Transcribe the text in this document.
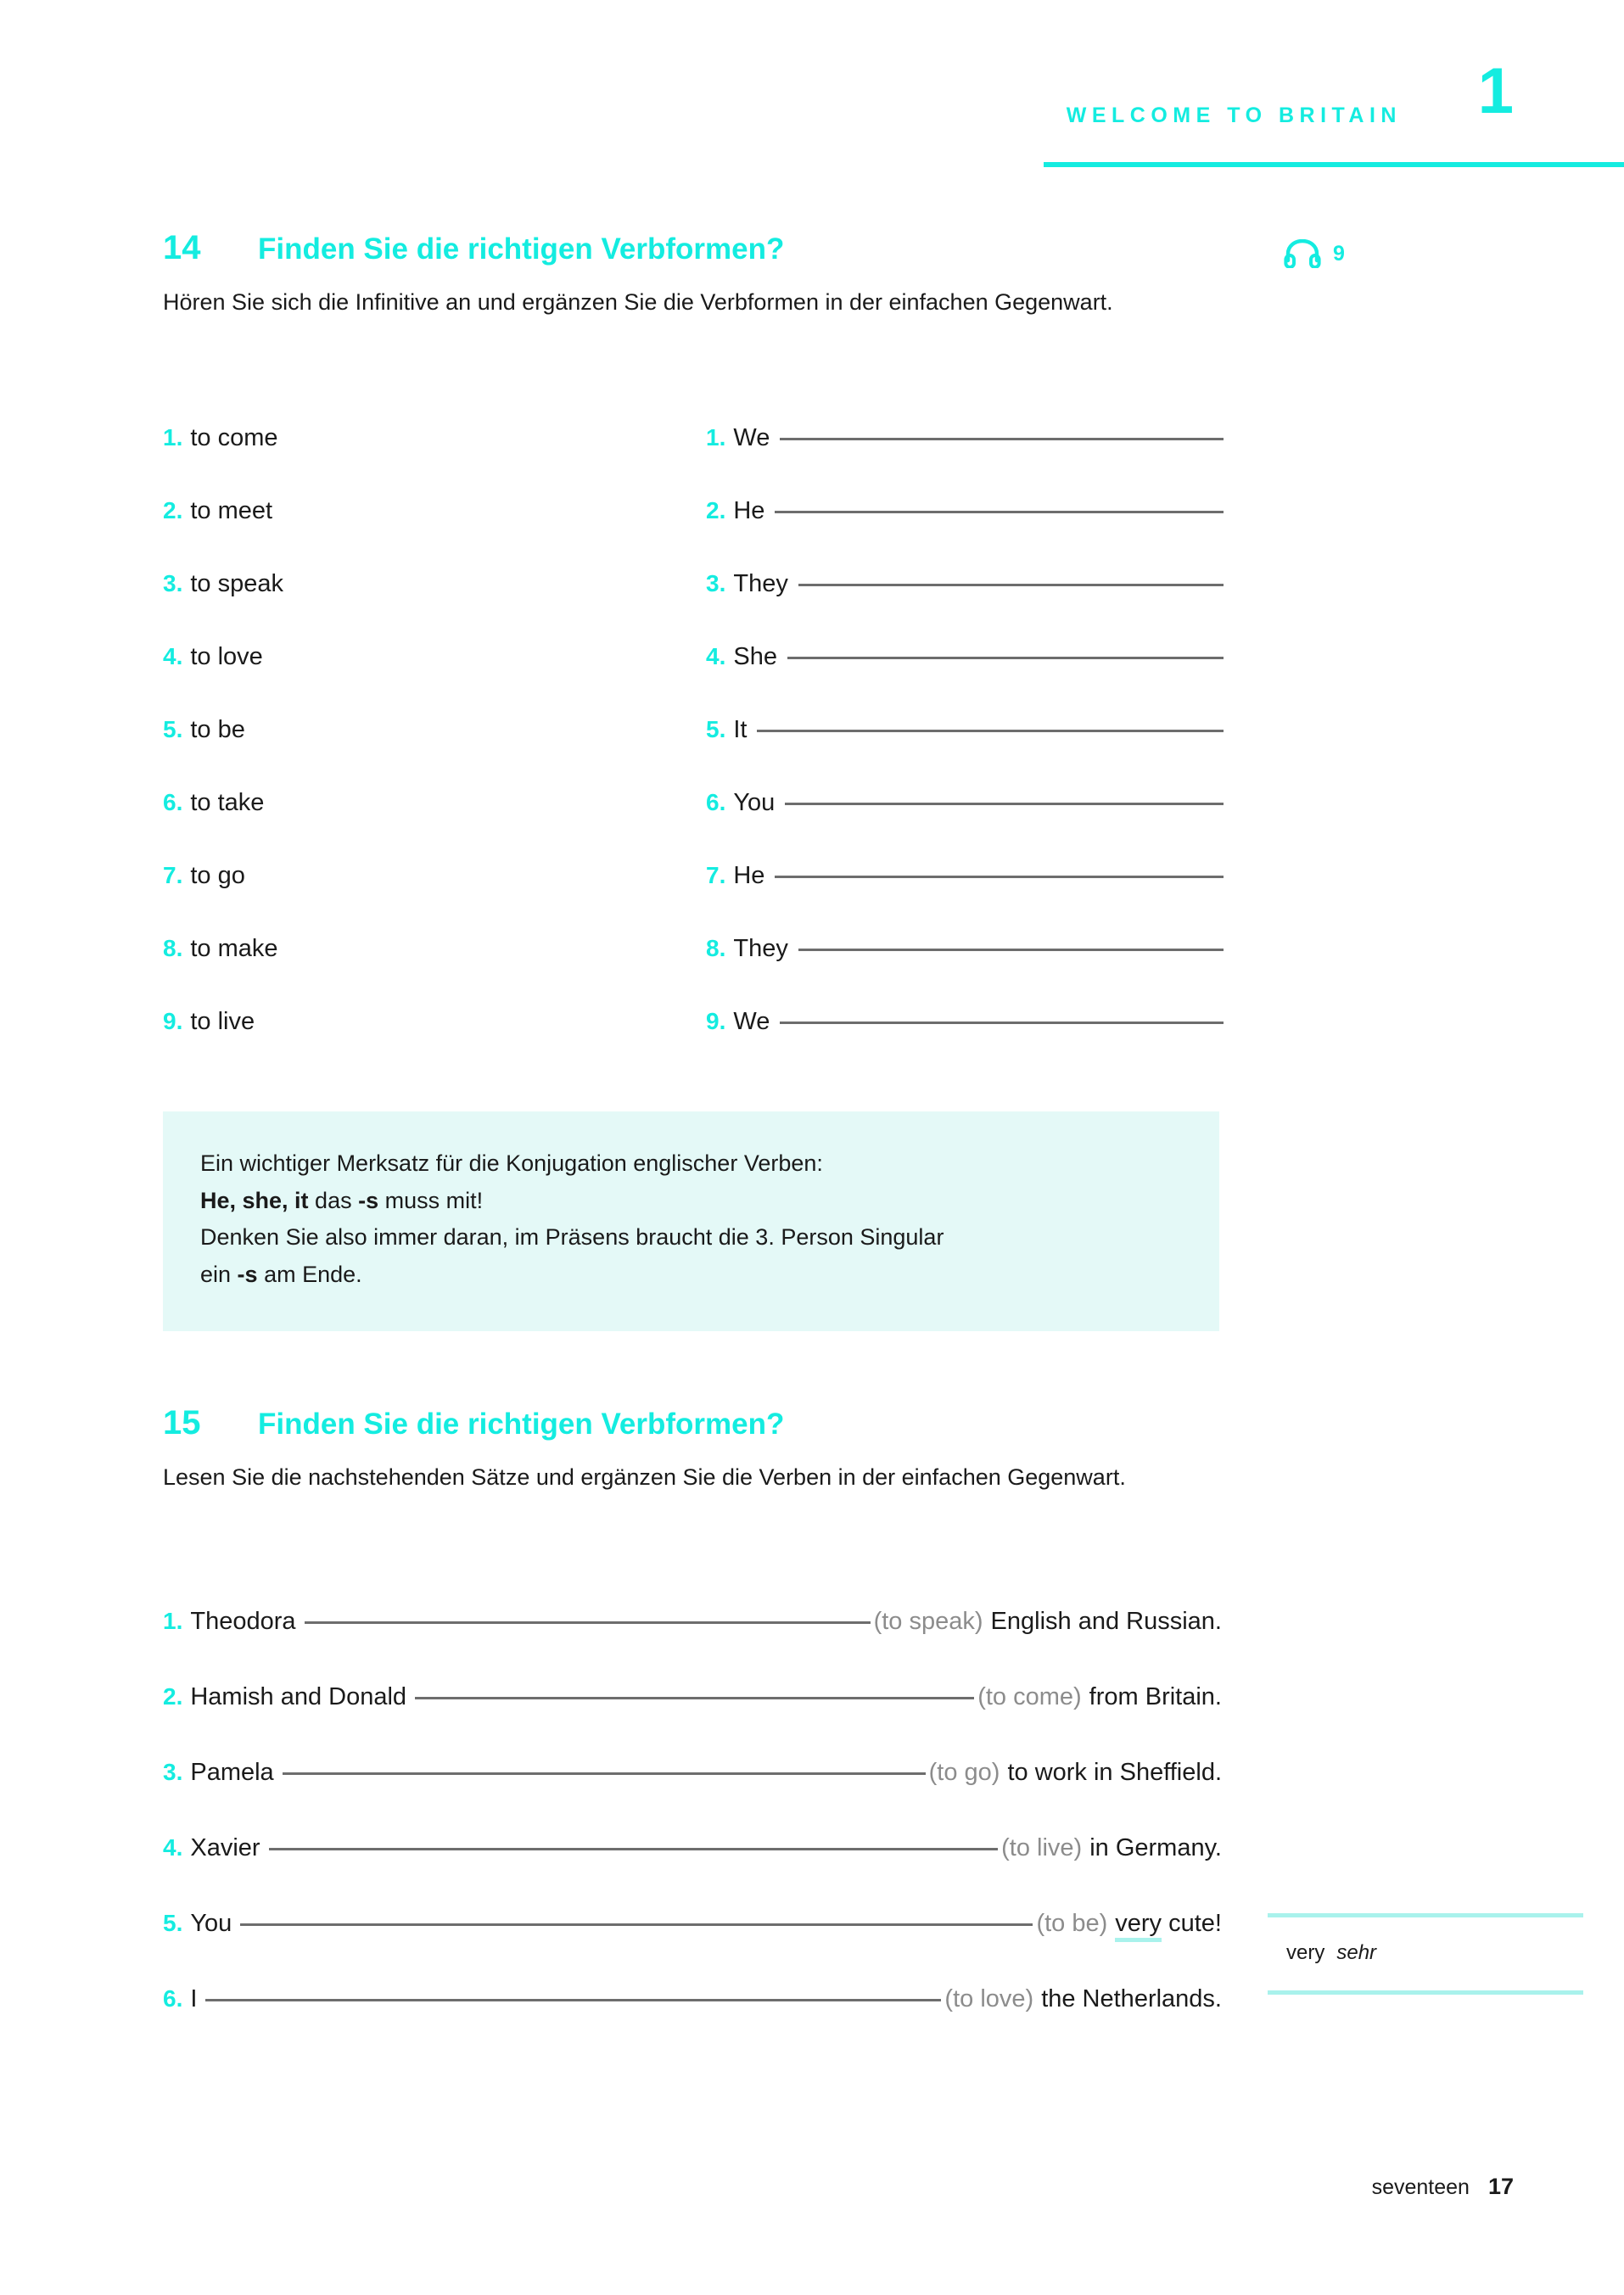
WELCOME TO BRITAIN 1
14	Finden Sie die richtigen Verbformen?
Hören Sie sich die Infinitive an und ergänzen Sie die Verbformen in der einfachen Gegenwart.
9
1. to come	1. We
2. to meet	2. He
3. to speak	3. They
4. to love	4. She
5. to be	5. It
6. to take	6. You
7. to go	7. He
8. to make	8. They
9. to live	9. We
Ein wichtiger Merksatz für die Konjugation englischer Verben:
He, she, it das -s muss mit!
Denken Sie also immer daran, im Präsens braucht die 3. Person Singular
ein -s am Ende.
15	Finden Sie die richtigen Verbformen?
Lesen Sie die nachstehenden Sätze und ergänzen Sie die Verben in der einfachen Gegenwart.
1. Theodora	(to speak) English and Russian.
2. Hamish and Donald	(to come) from Britain.
3. Pamela	(to go) to work in Sheffield.
4. Xavier	(to live) in Germany.
5. You	(to be) very cute!
6. I	(to love) the Netherlands.
very sehr
seventeen 17
